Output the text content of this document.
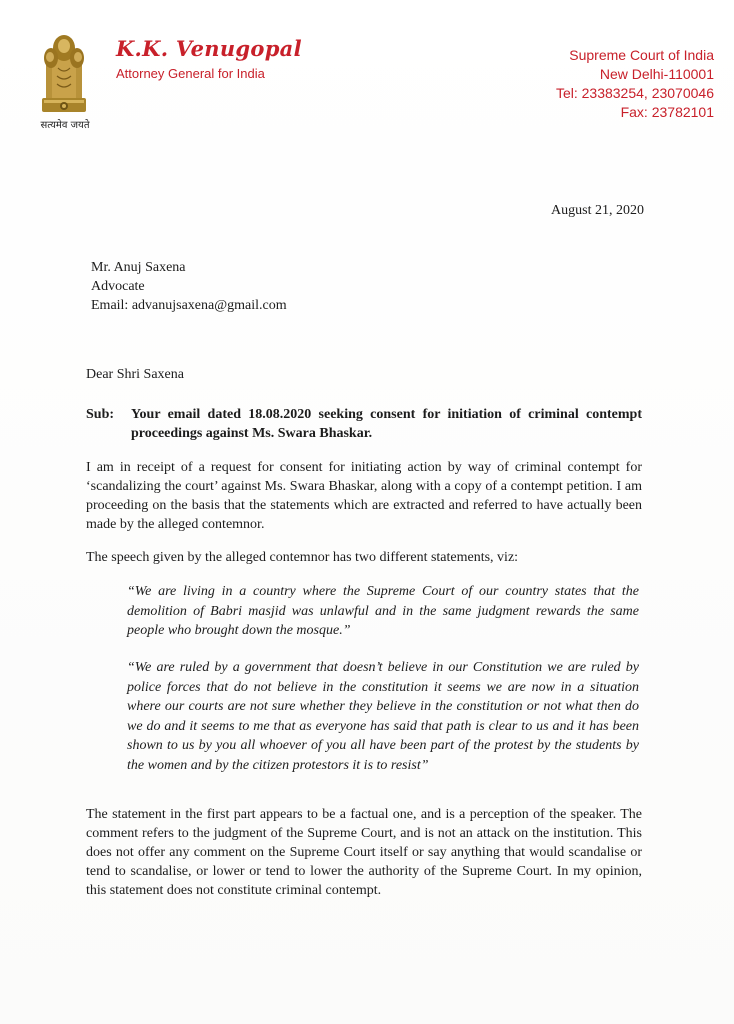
सत्यमेव जयते
K.K. Venugopal
Attorney General for India
Supreme Court of India
New Delhi-110001
Tel: 23383254, 23070046
Fax: 23782101
August 21, 2020
Mr. Anuj Saxena
Advocate
Email: advanujsaxena@gmail.com
Dear Shri Saxena
Sub:	Your email dated 18.08.2020 seeking consent for initiation of criminal contempt proceedings against Ms. Swara Bhaskar.

I am in receipt of a request for consent for initiating action by way of criminal contempt for ‘scandalizing the court’ against Ms. Swara Bhaskar, along with a copy of a contempt petition. I am proceeding on the basis that the statements which are extracted and referred to have actually been made by the alleged contemnor.

The speech given by the alleged contemnor has two different statements, viz:

“We are living in a country where the Supreme Court of our country states that the demolition of Babri masjid was unlawful and in the same judgment rewards the same people who brought down the mosque.”

“We are ruled by a government that doesn’t believe in our Constitution we are ruled by police forces that do not believe in the constitution it seems we are now in a situation where our courts are not sure whether they believe in the constitution or not what then do we do and it seems to me that as everyone has said that path is clear to us and it has been shown to us by you all whoever of you all have been part of the protest by the students by the women and by the citizen protestors it is to resist”

The statement in the first part appears to be a factual one, and is a perception of the speaker. The comment refers to the judgment of the Supreme Court, and is not an attack on the institution. This does not offer any comment on the Supreme Court itself or say anything that would scandalise or tend to scandalise, or lower or tend to lower the authority of the Supreme Court. In my opinion, this statement does not constitute criminal contempt.
